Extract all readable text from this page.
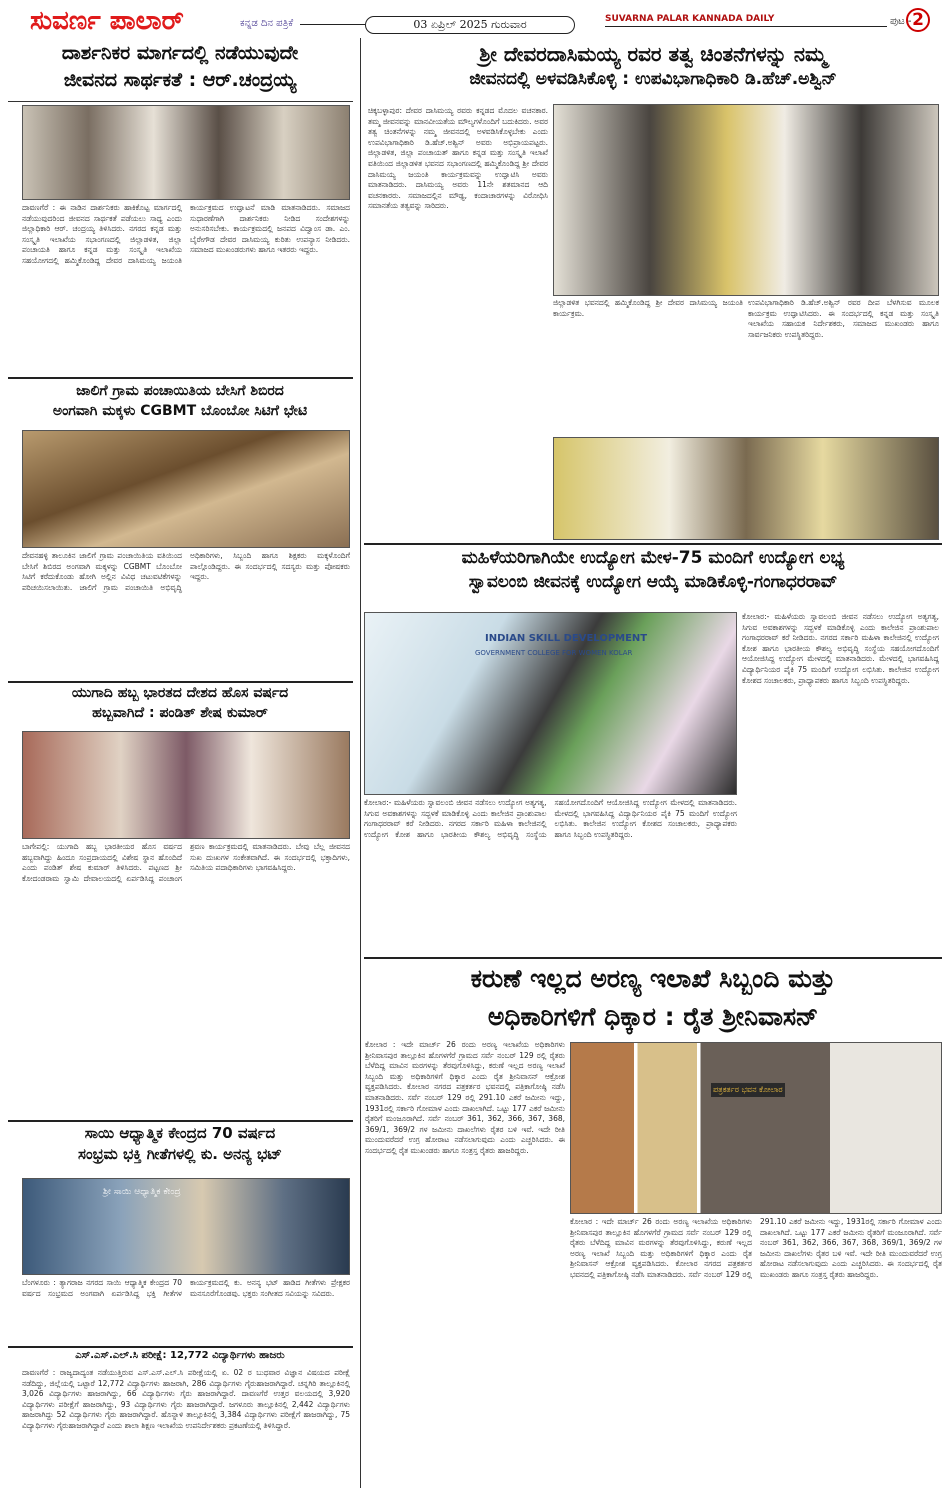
ಸುವರ್ಣ ಪಾಲಾರ್	ಕನ್ನಡ ದಿನ ಪತ್ರಿಕೆ	03 ಏಪ್ರಿಲ್ 2025 ಗುರುವಾರ	SUVARNA PALAR KANNADA DAILY	ಪುಟ - 2
ದಾರ್ಶನಿಕರ ಮಾರ್ಗದಲ್ಲಿ ನಡೆಯುವುದೇ
ಜೀವನದ ಸಾರ್ಥಕತೆ : ಆರ್.ಚಂದ್ರಯ್ಯ
ದಾವಣಗೆರೆ : ಈ ನಾಡಿನ ದಾರ್ಶನಿಕರು ಹಾಕಿಕೊಟ್ಟ ಮಾರ್ಗದಲ್ಲಿ ನಡೆಯುವುದರಿಂದ ಜೀವನದ ಸಾರ್ಥಕತೆ ಪಡೆಯಲು ಸಾಧ್ಯ ಎಂದು ಜಿಲ್ಲಾಧಿಕಾರಿ ಆರ್. ಚಂದ್ರಯ್ಯ ತಿಳಿಸಿದರು. ನಗರದ ಕನ್ನಡ ಮತ್ತು ಸಂಸ್ಕೃತಿ ಇಲಾಖೆಯ ಸಭಾಂಗಣದಲ್ಲಿ ಜಿಲ್ಲಾಡಳಿತ, ಜಿಲ್ಲಾ ಪಂಚಾಯತಿ ಹಾಗೂ ಕನ್ನಡ ಮತ್ತು ಸಂಸ್ಕೃತಿ ಇಲಾಖೆಯ ಸಹಯೋಗದಲ್ಲಿ ಹಮ್ಮಿಕೊಂಡಿದ್ದ ದೇವರ ದಾಸಿಮಯ್ಯ ಜಯಂತಿ ಕಾರ್ಯಕ್ರಮದ ಉದ್ಘಾಟನೆ ಮಾಡಿ ಮಾತನಾಡಿದರು. ಸಮಾಜದ ಸುಧಾರಣೆಗಾಗಿ ದಾರ್ಶನಿಕರು ನೀಡಿದ ಸಂದೇಶಗಳನ್ನು ಅನುಸರಿಸಬೇಕು. ಕಾರ್ಯಕ್ರಮದಲ್ಲಿ ಜನಪದ ವಿದ್ವಾಂಸ ಡಾ. ಎಂ. ಬೈರೇಗೌಡ ದೇವರ ದಾಸಿಮಯ್ಯ ಕುರಿತು ಉಪನ್ಯಾಸ ನೀಡಿದರು. ಸಮಾಜದ ಮುಖಂಡರುಗಳು ಹಾಗೂ ಇತರರು ಇದ್ದರು.
ಜಾಲಿಗೆ ಗ್ರಾಮ ಪಂಚಾಯಿತಿಯ ಬೇಸಿಗೆ ಶಿಬಿರದ
ಅಂಗವಾಗಿ ಮಕ್ಕಳು CGBMT ಬೊಂಬೋ ಸಿಟಿಗೆ ಭೇಟಿ
ದೇವನಹಳ್ಳಿ ತಾಲೂಕಿನ ಜಾಲಿಗೆ ಗ್ರಾಮ ಪಂಚಾಯಿತಿಯ ವತಿಯಿಂದ ಬೇಸಿಗೆ ಶಿಬಿರದ ಅಂಗವಾಗಿ ಮಕ್ಕಳನ್ನು CGBMT ಬೊಂಬೋ ಸಿಟಿಗೆ ಕರೆದುಕೊಂಡು ಹೋಗಿ ಅಲ್ಲಿನ ವಿವಿಧ ಚಟುವಟಿಕೆಗಳನ್ನು ಪರಿಚಯಿಸಲಾಯಿತು. ಜಾಲಿಗೆ ಗ್ರಾಮ ಪಂಚಾಯಿತಿ ಅಭಿವೃದ್ಧಿ ಅಧಿಕಾರಿಗಳು, ಸಿಬ್ಬಂದಿ ಹಾಗೂ ಶಿಕ್ಷಕರು ಮಕ್ಕಳೊಂದಿಗೆ ಪಾಲ್ಗೊಂಡಿದ್ದರು. ಈ ಸಂದರ್ಭದಲ್ಲಿ ಸದಸ್ಯರು ಮತ್ತು ಪೋಷಕರು ಇದ್ದರು.
ಯುಗಾದಿ ಹಬ್ಬ ಭಾರತದ ದೇಶದ ಹೊಸ ವರ್ಷದ
ಹಬ್ಬವಾಗಿದೆ : ಪಂಡಿತ್ ಶೇಷ ಕುಮಾರ್
ಬಾಗೇಪಲ್ಲಿ: ಯುಗಾದಿ ಹಬ್ಬ ಭಾರತೀಯರ ಹೊಸ ವರ್ಷದ ಹಬ್ಬವಾಗಿದ್ದು ಹಿಂದೂ ಸಂಪ್ರದಾಯದಲ್ಲಿ ವಿಶೇಷ ಸ್ಥಾನ ಹೊಂದಿದೆ ಎಂದು ಪಂಡಿತ್ ಶೇಷ ಕುಮಾರ್ ತಿಳಿಸಿದರು. ಪಟ್ಟಣದ ಶ್ರೀ ಕೋದಂಡರಾಮ ಸ್ವಾಮಿ ದೇವಾಲಯದಲ್ಲಿ ಏರ್ಪಡಿಸಿದ್ದ ಪಂಚಾಂಗ ಶ್ರವಣ ಕಾರ್ಯಕ್ರಮದಲ್ಲಿ ಮಾತನಾಡಿದರು. ಬೇವು ಬೆಲ್ಲ ಜೀವನದ ಸುಖ ದುಃಖಗಳ ಸಂಕೇತವಾಗಿದೆ. ಈ ಸಂದರ್ಭದಲ್ಲಿ ಭಕ್ತಾದಿಗಳು, ಸಮಿತಿಯ ಪದಾಧಿಕಾರಿಗಳು ಭಾಗವಹಿಸಿದ್ದರು.
ಸಾಯಿ ಆಧ್ಯಾತ್ಮಿಕ ಕೇಂದ್ರದ 70 ವರ್ಷದ
ಸಂಭ್ರಮ ಭಕ್ತಿ ಗೀತೆಗಳಲ್ಲಿ ಕು. ಅನನ್ಯ ಭಟ್
ಶ್ರೀ ಸಾಯಿ ಆಧ್ಯಾತ್ಮಿಕ ಕೇಂದ್ರ
ಬೆಂಗಳೂರು : ತ್ಯಾಗರಾಜ ನಗರದ ಸಾಯಿ ಆಧ್ಯಾತ್ಮಿಕ ಕೇಂದ್ರದ 70 ವರ್ಷದ ಸಂಭ್ರಮದ ಅಂಗವಾಗಿ ಏರ್ಪಡಿಸಿದ್ದ ಭಕ್ತಿ ಗೀತೆಗಳ ಕಾರ್ಯಕ್ರಮದಲ್ಲಿ ಕು. ಅನನ್ಯ ಭಟ್ ಹಾಡಿದ ಗೀತೆಗಳು ಪ್ರೇಕ್ಷಕರ ಮನಸೂರೆಗೊಂಡವು. ಭಕ್ತರು ಸಂಗೀತದ ಸವಿಯನ್ನು ಸವಿದರು.
ಎಸ್.ಎಸ್.ಎಲ್.ಸಿ ಪರೀಕ್ಷೆ: 12,772 ವಿದ್ಯಾರ್ಥಿಗಳು ಹಾಜರು
ದಾವಣಗೆರೆ : ರಾಜ್ಯದಾದ್ಯಂತ ನಡೆಯುತ್ತಿರುವ ಎಸ್.ಎಸ್.ಎಲ್.ಸಿ ಪರೀಕ್ಷೆಯಲ್ಲಿ ಏ. 02 ರ ಬುಧವಾರ ವಿಜ್ಞಾನ ವಿಷಯದ ಪರೀಕ್ಷೆ ನಡೆದಿದ್ದು, ಜಿಲ್ಲೆಯಲ್ಲಿ ಒಟ್ಟಾರೆ 12,772 ವಿದ್ಯಾರ್ಥಿಗಳು ಹಾಜರಾಗಿ, 286 ವಿದ್ಯಾರ್ಥಿಗಳು ಗೈರುಹಾಜರಾಗಿದ್ದಾರೆ. ಚನ್ನಗಿರಿ ತಾಲ್ಲೂಕಿನಲ್ಲಿ 3,026 ವಿದ್ಯಾರ್ಥಿಗಳು ಹಾಜರಾಗಿದ್ದು, 66 ವಿದ್ಯಾರ್ಥಿಗಳು ಗೈರು ಹಾಜರಾಗಿದ್ದಾರೆ. ದಾವಣಗೆರೆ ಉತ್ತರ ವಲಯದಲ್ಲಿ 3,920 ವಿದ್ಯಾರ್ಥಿಗಳು ಪರೀಕ್ಷೆಗೆ ಹಾಜರಾಗಿದ್ದು, 93 ವಿದ್ಯಾರ್ಥಿಗಳು ಗೈರು ಹಾಜರಾಗಿದ್ದಾರೆ. ಜಗಳೂರು ತಾಲ್ಲೂಕಿನಲ್ಲಿ 2,442 ವಿದ್ಯಾರ್ಥಿಗಳು ಹಾಜರಾಗಿದ್ದು 52 ವಿದ್ಯಾರ್ಥಿಗಳು ಗೈರು ಹಾಜರಾಗಿದ್ದಾರೆ. ಹೊನ್ನಾಳಿ ತಾಲ್ಲೂಕಿನಲ್ಲಿ 3,384 ವಿದ್ಯಾರ್ಥಿಗಳು ಪರೀಕ್ಷೆಗೆ ಹಾಜರಾಗಿದ್ದು, 75 ವಿದ್ಯಾರ್ಥಿಗಳು ಗೈರುಹಾಜರಾಗಿದ್ದಾರೆ ಎಂದು ಶಾಲಾ ಶಿಕ್ಷಣ ಇಲಾಖೆಯ ಉಪನಿರ್ದೇಶಕರು ಪ್ರಕಟಣೆಯಲ್ಲಿ ತಿಳಿಸಿದ್ದಾರೆ.
ಶ್ರೀ ದೇವರದಾಸಿಮಯ್ಯ ರವರ ತತ್ವ ಚಿಂತನೆಗಳನ್ನು ನಮ್ಮ
ಜೀವನದಲ್ಲಿ ಅಳವಡಿಸಿಕೊಳ್ಳಿ : ಉಪವಿಭಾಗಾಧಿಕಾರಿ ಡಿ.ಹೆಚ್.ಅಶ್ವಿನ್
ಚಿಕ್ಕಬಳ್ಳಾಪುರ: ದೇವರ ದಾಸಿಮಯ್ಯ ರವರು ಕನ್ನಡದ ಮೊದಲ ವಚನಕಾರ. ತಮ್ಮ ಜೀವನವನ್ನು ಮಾನವೀಯತೆಯ ಮೌಲ್ಯಗಳೊಂದಿಗೆ ಬದುಕಿದರು. ಅವರ ತತ್ವ ಚಿಂತನೆಗಳನ್ನು ನಮ್ಮ ಜೀವನದಲ್ಲಿ ಅಳವಡಿಸಿಕೊಳ್ಳಬೇಕು ಎಂದು ಉಪವಿಭಾಗಾಧಿಕಾರಿ ಡಿ.ಹೆಚ್.ಅಶ್ವಿನ್ ಅವರು ಅಭಿಪ್ರಾಯಪಟ್ಟರು. ಜಿಲ್ಲಾಡಳಿತ, ಜಿಲ್ಲಾ ಪಂಚಾಯತ್ ಹಾಗೂ ಕನ್ನಡ ಮತ್ತು ಸಂಸ್ಕೃತಿ ಇಲಾಖೆ ವತಿಯಿಂದ ಜಿಲ್ಲಾಡಳಿತ ಭವನದ ಸಭಾಂಗಣದಲ್ಲಿ ಹಮ್ಮಿಕೊಂಡಿದ್ದ ಶ್ರೀ ದೇವರ ದಾಸಿಮಯ್ಯ ಜಯಂತಿ ಕಾರ್ಯಕ್ರಮವನ್ನು ಉದ್ಘಾಟಿಸಿ ಅವರು ಮಾತನಾಡಿದರು. ದಾಸಿಮಯ್ಯ ಅವರು 11ನೇ ಶತಮಾನದ ಆದಿ ವಚನಕಾರರು. ಸಮಾಜದಲ್ಲಿನ ಮೌಢ್ಯ, ಕಂದಾಚಾರಗಳನ್ನು ವಿರೋಧಿಸಿ ಸಮಾನತೆಯ ತತ್ವವನ್ನು ಸಾರಿದರು.
ಜಿಲ್ಲಾಡಳಿತ ಭವನದಲ್ಲಿ ಹಮ್ಮಿಕೊಂಡಿದ್ದ ಶ್ರೀ ದೇವರ ದಾಸಿಮಯ್ಯ ಜಯಂತಿ ಕಾರ್ಯಕ್ರಮ.
ಉಪವಿಭಾಗಾಧಿಕಾರಿ ಡಿ.ಹೆಚ್.ಅಶ್ವಿನ್ ರವರ ದೀಪ ಬೆಳಗಿಸುವ ಮೂಲಕ ಕಾರ್ಯಕ್ರಮ ಉದ್ಘಾಟಿಸಿದರು. ಈ ಸಂದರ್ಭದಲ್ಲಿ ಕನ್ನಡ ಮತ್ತು ಸಂಸ್ಕೃತಿ ಇಲಾಖೆಯ ಸಹಾಯಕ ನಿರ್ದೇಶಕರು, ಸಮಾಜದ ಮುಖಂಡರು ಹಾಗೂ ಸಾರ್ವಜನಿಕರು ಉಪಸ್ಥಿತರಿದ್ದರು.
ಮಹಿಳೆಯರಿಗಾಗಿಯೇ ಉದ್ಯೋಗ ಮೇಳ-75 ಮಂದಿಗೆ ಉದ್ಯೋಗ ಲಭ್ಯ
ಸ್ವಾವಲಂಬಿ ಜೀವನಕ್ಕೆ ಉದ್ಯೋಗ ಆಯ್ಕೆ ಮಾಡಿಕೊಳ್ಳಿ-ಗಂಗಾಧರರಾವ್
INDIAN SKILL DEVELOPMENT
GOVERNMENT COLLEGE FOR WOMEN KOLAR
ಕೋಲಾರ:- ಮಹಿಳೆಯರು ಸ್ವಾವಲಂಬಿ ಜೀವನ ನಡೆಸಲು ಉದ್ಯೋಗ ಅತ್ಯಗತ್ಯ, ಸಿಗುವ ಅವಕಾಶಗಳನ್ನು ಸದ್ಬಳಕೆ ಮಾಡಿಕೊಳ್ಳಿ ಎಂದು ಕಾಲೇಜಿನ ಪ್ರಾಂಶುಪಾಲ ಗಂಗಾಧರರಾವ್ ಕರೆ ನೀಡಿದರು. ನಗರದ ಸರ್ಕಾರಿ ಮಹಿಳಾ ಕಾಲೇಜಿನಲ್ಲಿ ಉದ್ಯೋಗ ಕೋಶ ಹಾಗೂ ಭಾರತೀಯ ಕೌಶಲ್ಯ ಅಭಿವೃದ್ಧಿ ಸಂಸ್ಥೆಯ ಸಹಯೋಗದೊಂದಿಗೆ ಆಯೋಜಿಸಿದ್ದ ಉದ್ಯೋಗ ಮೇಳದಲ್ಲಿ ಮಾತನಾಡಿದರು. ಮೇಳದಲ್ಲಿ ಭಾಗವಹಿಸಿದ್ದ ವಿದ್ಯಾರ್ಥಿನಿಯರ ಪೈಕಿ 75 ಮಂದಿಗೆ ಉದ್ಯೋಗ ಲಭಿಸಿತು. ಕಾಲೇಜಿನ ಉದ್ಯೋಗ ಕೋಶದ ಸಂಚಾಲಕರು, ಪ್ರಾಧ್ಯಾಪಕರು ಹಾಗೂ ಸಿಬ್ಬಂದಿ ಉಪಸ್ಥಿತರಿದ್ದರು.
ಕೋಲಾರ:- ಮಹಿಳೆಯರು ಸ್ವಾವಲಂಬಿ ಜೀವನ ನಡೆಸಲು ಉದ್ಯೋಗ ಅತ್ಯಗತ್ಯ, ಸಿಗುವ ಅವಕಾಶಗಳನ್ನು ಸದ್ಬಳಕೆ ಮಾಡಿಕೊಳ್ಳಿ ಎಂದು ಕಾಲೇಜಿನ ಪ್ರಾಂಶುಪಾಲ ಗಂಗಾಧರರಾವ್ ಕರೆ ನೀಡಿದರು. ನಗರದ ಸರ್ಕಾರಿ ಮಹಿಳಾ ಕಾಲೇಜಿನಲ್ಲಿ ಉದ್ಯೋಗ ಕೋಶ ಹಾಗೂ ಭಾರತೀಯ ಕೌಶಲ್ಯ ಅಭಿವೃದ್ಧಿ ಸಂಸ್ಥೆಯ ಸಹಯೋಗದೊಂದಿಗೆ ಆಯೋಜಿಸಿದ್ದ ಉದ್ಯೋಗ ಮೇಳದಲ್ಲಿ ಮಾತನಾಡಿದರು. ಮೇಳದಲ್ಲಿ ಭಾಗವಹಿಸಿದ್ದ ವಿದ್ಯಾರ್ಥಿನಿಯರ ಪೈಕಿ 75 ಮಂದಿಗೆ ಉದ್ಯೋಗ ಲಭಿಸಿತು. ಕಾಲೇಜಿನ ಉದ್ಯೋಗ ಕೋಶದ ಸಂಚಾಲಕರು, ಪ್ರಾಧ್ಯಾಪಕರು ಹಾಗೂ ಸಿಬ್ಬಂದಿ ಉಪಸ್ಥಿತರಿದ್ದರು.
ಕರುಣೆ ಇಲ್ಲದ ಅರಣ್ಯ ಇಲಾಖೆ ಸಿಬ್ಬಂದಿ ಮತ್ತು
ಅಧಿಕಾರಿಗಳಿಗೆ ಧಿಕ್ಕಾರ : ರೈತ ಶ್ರೀನಿವಾಸನ್
ಕೋಲಾರ : ಇದೇ ಮಾರ್ಚ್ 26 ರಂದು ಅರಣ್ಯ ಇಲಾಖೆಯ ಅಧಿಕಾರಿಗಳು ಶ್ರೀನಿವಾಸಪುರ ತಾಲ್ಲೂಕಿನ ಹೊಗಳಗೆರೆ ಗ್ರಾಮದ ಸರ್ವೆ ನಂಬರ್ 129 ರಲ್ಲಿ ರೈತರು ಬೆಳೆದಿದ್ದ ಮಾವಿನ ಮರಗಳನ್ನು ತೆರವುಗೊಳಿಸಿದ್ದು, ಕರುಣೆ ಇಲ್ಲದ ಅರಣ್ಯ ಇಲಾಖೆ ಸಿಬ್ಬಂದಿ ಮತ್ತು ಅಧಿಕಾರಿಗಳಿಗೆ ಧಿಕ್ಕಾರ ಎಂದು ರೈತ ಶ್ರೀನಿವಾಸನ್ ಆಕ್ರೋಶ ವ್ಯಕ್ತಪಡಿಸಿದರು. ಕೋಲಾರ ನಗರದ ಪತ್ರಕರ್ತರ ಭವನದಲ್ಲಿ ಪತ್ರಿಕಾಗೋಷ್ಠಿ ನಡೆಸಿ ಮಾತನಾಡಿದರು. ಸರ್ವೆ ನಂಬರ್ 129 ರಲ್ಲಿ 291.10 ಎಕರೆ ಜಮೀನು ಇದ್ದು, 1931ರಲ್ಲಿ ಸರ್ಕಾರಿ ಗೋಮಾಳ ಎಂದು ದಾಖಲಾಗಿದೆ. ಒಟ್ಟು 177 ಎಕರೆ ಜಮೀನು ರೈತರಿಗೆ ಮಂಜೂರಾಗಿದೆ. ಸರ್ವೆ ನಂಬರ್ 361, 362, 366, 367, 368, 369/1, 369/2 ಗಳ ಜಮೀನು ದಾಖಲೆಗಳು ರೈತರ ಬಳಿ ಇವೆ. ಇದೇ ರೀತಿ ಮುಂದುವರೆದರೆ ಉಗ್ರ ಹೋರಾಟ ನಡೆಸಲಾಗುವುದು ಎಂದು ಎಚ್ಚರಿಸಿದರು. ಈ ಸಂದರ್ಭದಲ್ಲಿ ರೈತ ಮುಖಂಡರು ಹಾಗೂ ಸಂತ್ರಸ್ತ ರೈತರು ಹಾಜರಿದ್ದರು.
ಪತ್ರಕರ್ತರ ಭವನ ಕೋಲಾರ
ಕೋಲಾರ : ಇದೇ ಮಾರ್ಚ್ 26 ರಂದು ಅರಣ್ಯ ಇಲಾಖೆಯ ಅಧಿಕಾರಿಗಳು ಶ್ರೀನಿವಾಸಪುರ ತಾಲ್ಲೂಕಿನ ಹೊಗಳಗೆರೆ ಗ್ರಾಮದ ಸರ್ವೆ ನಂಬರ್ 129 ರಲ್ಲಿ ರೈತರು ಬೆಳೆದಿದ್ದ ಮಾವಿನ ಮರಗಳನ್ನು ತೆರವುಗೊಳಿಸಿದ್ದು, ಕರುಣೆ ಇಲ್ಲದ ಅರಣ್ಯ ಇಲಾಖೆ ಸಿಬ್ಬಂದಿ ಮತ್ತು ಅಧಿಕಾರಿಗಳಿಗೆ ಧಿಕ್ಕಾರ ಎಂದು ರೈತ ಶ್ರೀನಿವಾಸನ್ ಆಕ್ರೋಶ ವ್ಯಕ್ತಪಡಿಸಿದರು. ಕೋಲಾರ ನಗರದ ಪತ್ರಕರ್ತರ ಭವನದಲ್ಲಿ ಪತ್ರಿಕಾಗೋಷ್ಠಿ ನಡೆಸಿ ಮಾತನಾಡಿದರು. ಸರ್ವೆ ನಂಬರ್ 129 ರಲ್ಲಿ 291.10 ಎಕರೆ ಜಮೀನು ಇದ್ದು, 1931ರಲ್ಲಿ ಸರ್ಕಾರಿ ಗೋಮಾಳ ಎಂದು ದಾಖಲಾಗಿದೆ. ಒಟ್ಟು 177 ಎಕರೆ ಜಮೀನು ರೈತರಿಗೆ ಮಂಜೂರಾಗಿದೆ. ಸರ್ವೆ ನಂಬರ್ 361, 362, 366, 367, 368, 369/1, 369/2 ಗಳ ಜಮೀನು ದಾಖಲೆಗಳು ರೈತರ ಬಳಿ ಇವೆ. ಇದೇ ರೀತಿ ಮುಂದುವರೆದರೆ ಉಗ್ರ ಹೋರಾಟ ನಡೆಸಲಾಗುವುದು ಎಂದು ಎಚ್ಚರಿಸಿದರು. ಈ ಸಂದರ್ಭದಲ್ಲಿ ರೈತ ಮುಖಂಡರು ಹಾಗೂ ಸಂತ್ರಸ್ತ ರೈತರು ಹಾಜರಿದ್ದರು.
